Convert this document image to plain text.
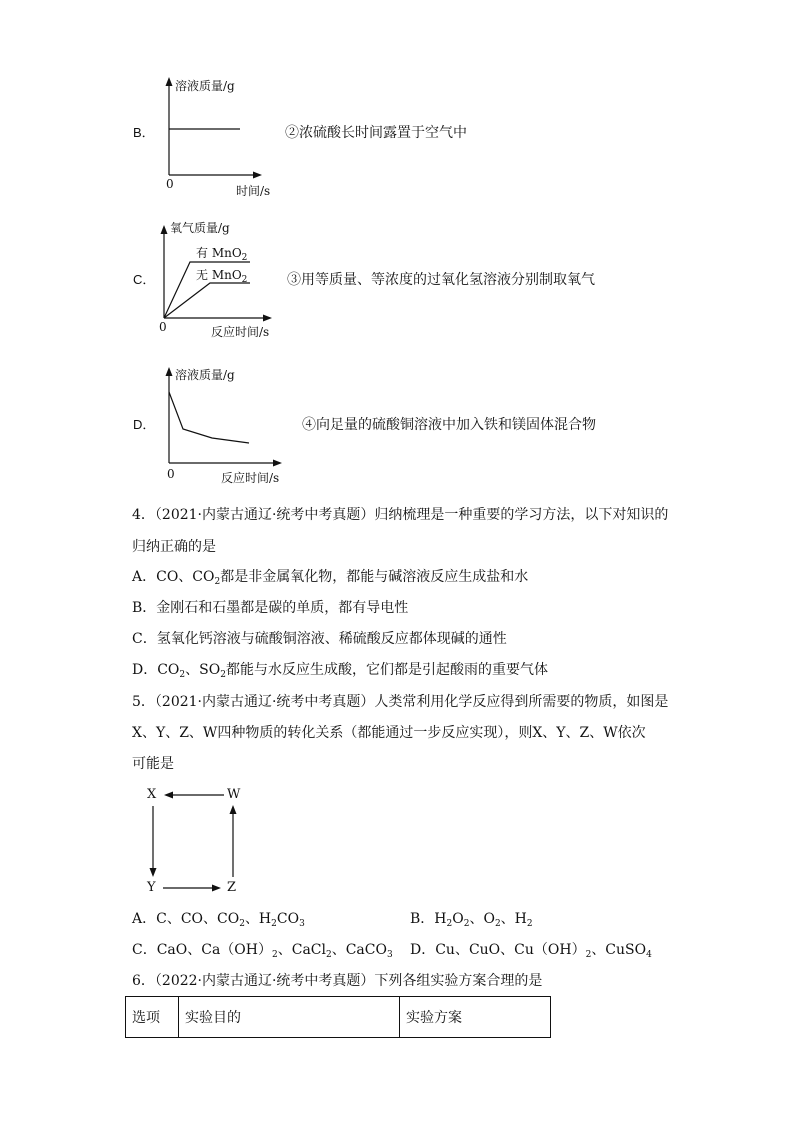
B．
溶液质量/g
0	时间/s
②浓硫酸长时间露置于空气中
C．
氧气质量/g
有 MnO$_2$
无 MnO$_2$
0	反应时间/s
③用等质量、等浓度的过氧化氢溶液分别制取氧气
D．
溶液质量/g
0	反应时间/s
④向足量的硫酸铜溶液中加入铁和镁固体混合物
4．（2021·内蒙古通辽·统考中考真题）归纳梳理是一种重要的学习方法，以下对知识的
归纳正确的是
A．CO、$CO_2$都是非金属氧化物，都能与碱溶液反应生成盐和水
B．金刚石和石墨都是碳的单质，都有导电性
C．氢氧化钙溶液与硫酸铜溶液、稀硫酸反应都体现碱的通性
D．$CO_2$、$SO_2$都能与水反应生成酸，它们都是引起酸雨的重要气体
5．（2021·内蒙古通辽·统考中考真题）人类常利用化学反应得到所需要的物质，如图是
X、Y、Z、W四种物质的转化关系（都能通过一步反应实现），则X、Y、Z、W依次
可能是
X	W
Y	Z
A．C、CO、$CO_2$、$H_2CO_3$	B．$H_2O_2$、$O_2$、$H_2$
C．CaO、$Ca(OH)_2$、CaCl$_2$、CaCO$_3$ D．Cu、CuO、$Cu(OH)_2$、CuSO$_4$
6．（2022·内蒙古通辽·统考中考真题）下列各组实验方案合理的是
选项	实验目的	实验方案
